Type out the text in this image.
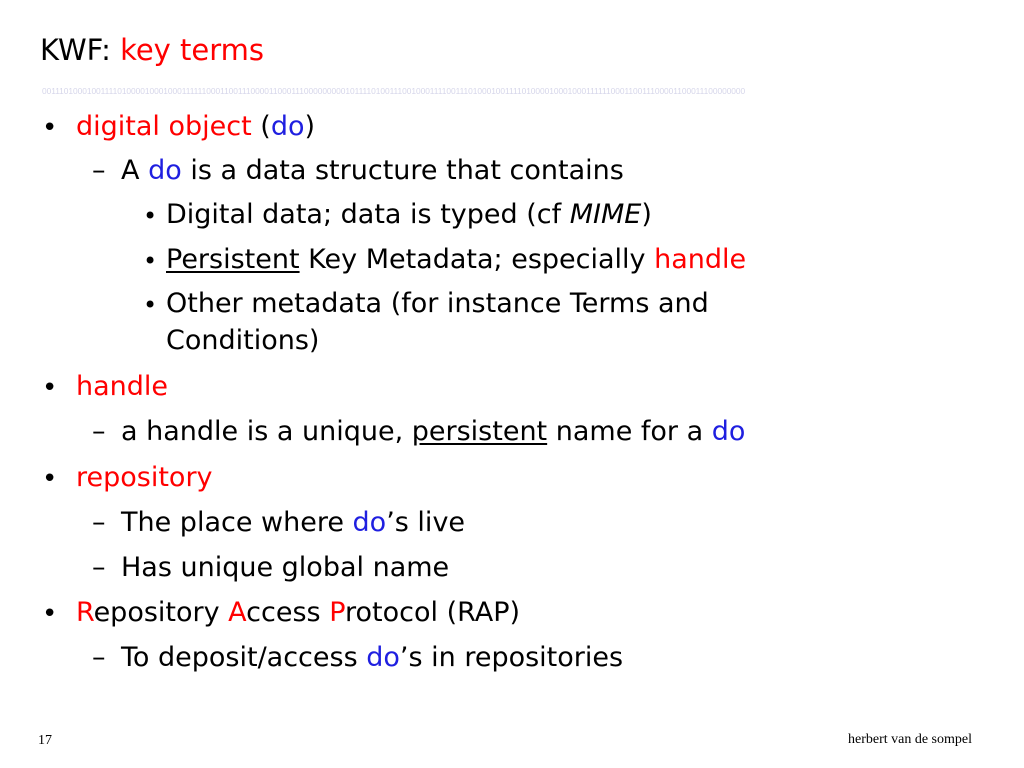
KWF: key terms
00111010001001111010000100010001111110001100111000011000111000000000101111010011100100011110011101000100111101000010001000111111000110011100001100011100000000
• digital object (do)
– A do is a data structure that contains
• Digital data; data is typed (cf MIME)
• Persistent Key Metadata; especially handle
• Other metadata (for instance Terms and
Conditions)
• handle
– a handle is a unique, persistent name for a do
• repository
– The place where do’s live
– Has unique global name
• Repository Access Protocol (RAP)
– To deposit/access do’s in repositories
17	herbert van de sompel
